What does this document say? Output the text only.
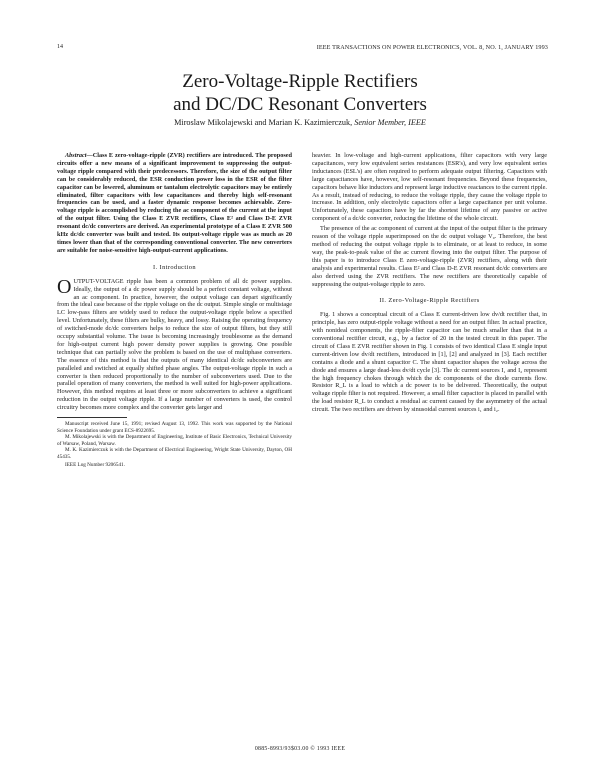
14	IEEE TRANSACTIONS ON POWER ELECTRONICS, VOL. 8, NO. 1, JANUARY 1993
Zero-Voltage-Ripple Rectifiers
and DC/DC Resonant Converters
Miroslaw Mikolajewski and Marian K. Kazimierczuk, Senior Member, IEEE

Abstract—Class E zero-voltage-ripple (ZVR) rectifiers are introduced. The proposed circuits offer a new means of a significant improvement to suppressing the output-voltage ripple compared with their predecessors. Therefore, the size of the output filter can be considerably reduced, the ESR conduction power loss in the ESR of the filter capacitor can be lowered, aluminum or tantalum electrolytic capacitors may be entirely eliminated, filter capacitors with low capacitances and thereby high self-resonant frequencies can be used, and a faster dynamic response becomes achievable. Zero-voltage ripple is accomplished by reducing the ac component of the current at the input of the output filter. Using the Class E ZVR rectifiers, Class E² and Class D-E ZVR resonant dc/dc converters are derived. An experimental prototype of a Class E ZVR 500 kHz dc/dc converter was built and tested. Its output-voltage ripple was as much as 20 times lower than that of the corresponding conventional converter. The new converters are suitable for noise-sensitive high-output-current applications.

I. Introduction

OUTPUT-VOLTAGE ripple has been a common problem of all dc power supplies. Ideally, the output of a dc power supply should be a perfect constant voltage, without an ac component. In practice, however, the output voltage can depart significantly from the ideal case because of the ripple voltage on the dc output. Simple single or multistage LC low-pass filters are widely used to reduce the output-voltage ripple below a specified level. Unfortunately, these filters are bulky, heavy, and lossy. Raising the operating frequency of switched-mode dc/dc converters helps to reduce the size of output filters, but they still occupy substantial volume. The issue is becoming increasingly troublesome as the demand for high-output current high power density power supplies is growing. One possible technique that can partially solve the problem is based on the use of multiphase converters. The essence of this method is that the outputs of many identical dc/dc subconverters are paralleled and switched at equally shifted phase angles. The output-voltage ripple in such a converter is then reduced proportionally to the number of subconverters used. Due to the parallel operation of many converters, the method is well suited for high-power applications. However, this method requires at least three or more subconverters to achieve a significant reduction in the output voltage ripple. If a large number of converters is used, the control circuitry becomes more complex and the converter gets larger and

Manuscript received June 15, 1991; revised August 13, 1992. This work was supported by the National Science Foundation under grant ECS-8922695.

M. Mikolajewski is with the Department of Engineering, Institute of Basic Electronics, Technical University of Warsaw, Poland, Warsaw.

M. K. Kazimierczuk is with the Department of Electrical Engineering, Wright State University, Dayton, OH 45435.

IEEE Log Number 9206541.

heavier. In low-voltage and high-current applications, filter capacitors with very large capacitances, very low equivalent series resistances (ESR's), and very low equivalent series inductances (ESL's) are often required to perform adequate output filtering. Capacitors with large capacitances have, however, low self-resonant frequencies. Beyond these frequencies, capacitors behave like inductors and represent large inductive reactances to the current ripple. As a result, instead of reducing, to reduce the voltage ripple, they cause the voltage ripple to increase. In addition, only electrolytic capacitors offer a large capacitance per unit volume. Unfortunately, these capacitors have by far the shortest lifetime of any passive or active component of a dc/dc converter, reducing the lifetime of the whole circuit.

The presence of the ac component of current at the input of the output filter is the primary reason of the voltage ripple superimposed on the dc output voltage V₀. Therefore, the best method of reducing the output voltage ripple is to eliminate, or at least to reduce, in some way, the peak-to-peak value of the ac current flowing into the output filter. The purpose of this paper is to introduce Class E zero-voltage-ripple (ZVR) rectifiers, along with their analysis and experimental results. Class E² and Class D-E ZVR resonant dc/dc converters are also derived using the ZVR rectifiers. The new rectifiers are theoretically capable of suppressing the output-voltage ripple to zero.

II. Zero-Voltage-Ripple Rectifiers

Fig. 1 shows a conceptual circuit of a Class E current-driven low dv/dt rectifier that, in principle, has zero output-ripple voltage without a need for an output filter. In actual practice, with nonideal components, the ripple-filter capacitor can be much smaller than that in a conventional rectifier circuit, e.g., by a factor of 20 in the tested circuit in this paper. The circuit of Class E ZVR rectifier shown in Fig. 1 consists of two identical Class E single input current-driven low dv/dt rectifiers, introduced in [1], [2] and analyzed in [3]. Each rectifier contains a diode and a shunt capacitor C. The shunt capacitor shapes the voltage across the diode and ensures a large dead-less dv/dt cycle [3]. The dc current sources I₁ and I₂ represent the high frequency chokes through which the dc components of the diode currents flow. Resistor R_L is a load to which a dc power is to be delivered. Theoretically, the output voltage ripple filter is not required. However, a small filter capacitor is placed in parallel with the load resistor R_L to conduct a residual ac current caused by the asymmetry of the actual circuit. The two rectifiers are driven by sinusoidal current sources i₁ and i₂.

0885-8993/93$03.00 © 1993 IEEE
